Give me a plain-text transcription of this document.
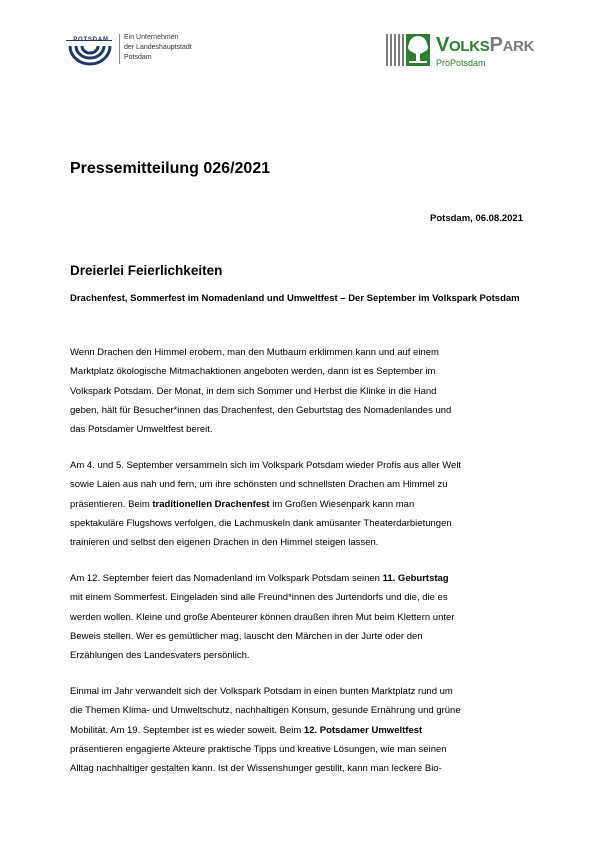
Ein Unternehmen
der Landeshauptstadt
Potsdam
VOLKSPARK
ProPotsdam
Pressemitteilung 026/2021
Potsdam, 06.08.2021
Dreierlei Feierlichkeiten
Drachenfest, Sommerfest im Nomadenland und Umweltfest – Der September im Volkspark Potsdam
Wenn Drachen den Himmel erobern, man den Mutbaum erklimmen kann und auf einem
Marktplatz ökologische Mitmachaktionen angeboten werden, dann ist es September im
Volkspark Potsdam. Der Monat, in dem sich Sommer und Herbst die Klinke in die Hand
geben, hält für Besucher*innen das Drachenfest, den Geburtstag des Nomadenlandes und
das Potsdamer Umweltfest bereit.
Am 4. und 5. September versammeln sich im Volkspark Potsdam wieder Profis aus aller Welt
sowie Laien aus nah und fern, um ihre schönsten und schnellsten Drachen am Himmel zu
präsentieren. Beim traditionellen Drachenfest im Großen Wiesenpark kann man
spektakuläre Flugshows verfolgen, die Lachmuskeln dank amüsanter Theaterdarbietungen
trainieren und selbst den eigenen Drachen in den Himmel steigen lassen.
Am 12. September feiert das Nomadenland im Volkspark Potsdam seinen 11. Geburtstag
mit einem Sommerfest. Eingeladen sind alle Freund*innen des Jurtendorfs und die, die es
werden wollen. Kleine und große Abenteurer können draußen ihren Mut beim Klettern unter
Beweis stellen. Wer es gemütlicher mag, lauscht den Märchen in der Jurte oder den
Erzählungen des Landesvaters persönlich.
Einmal im Jahr verwandelt sich der Volkspark Potsdam in einen bunten Marktplatz rund um
die Themen Klima- und Umweltschutz, nachhaltigen Konsum, gesunde Ernährung und grüne
Mobilität. Am 19. September ist es wieder soweit. Beim 12. Potsdamer Umweltfest
präsentieren engagierte Akteure praktische Tipps und kreative Lösungen, wie man seinen
Alltag nachhaltiger gestalten kann. Ist der Wissenshunger gestillt, kann man leckere Bio-
